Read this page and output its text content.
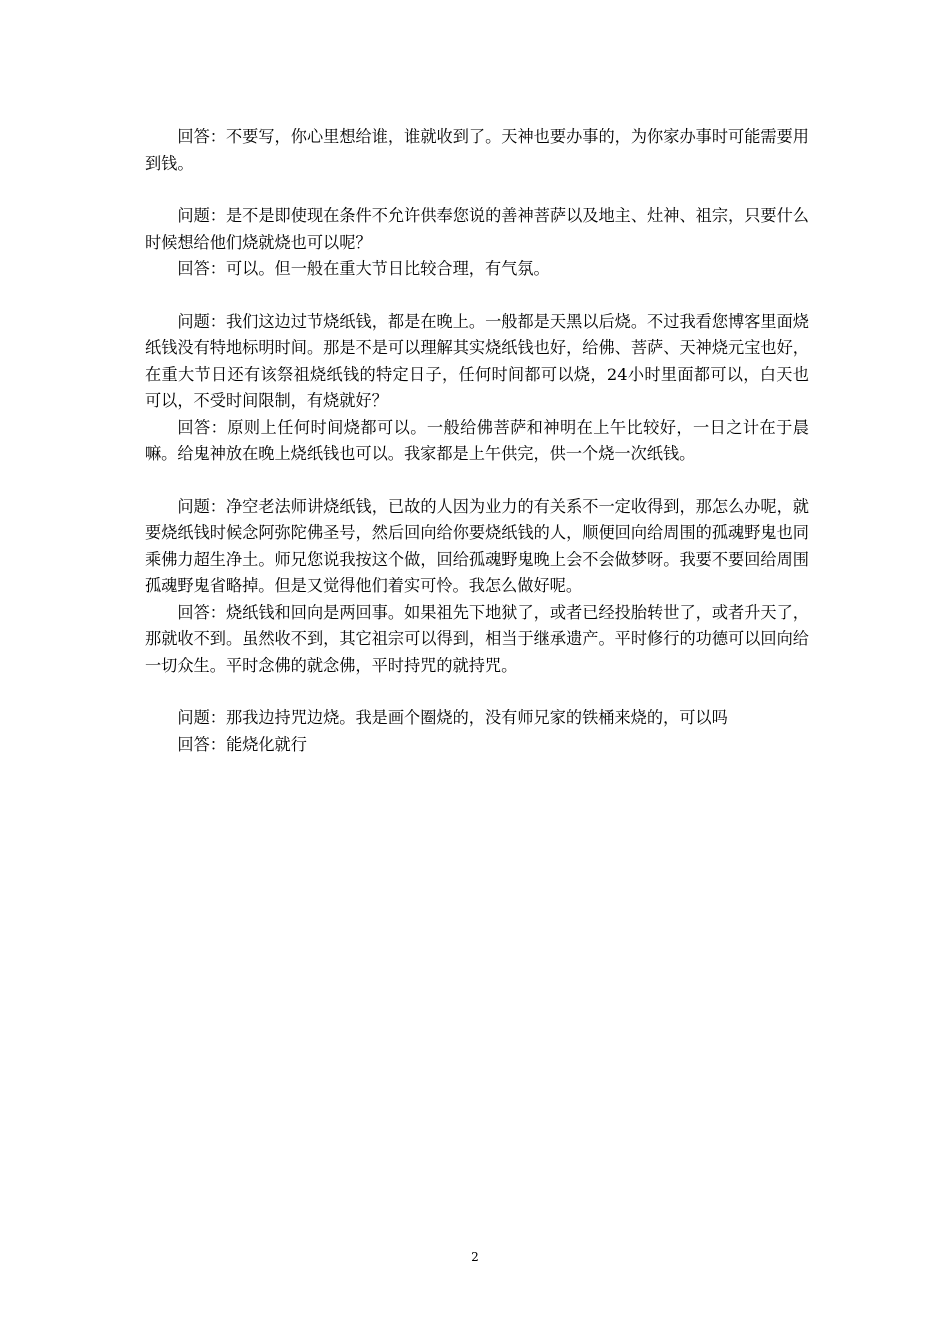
回答：不要写，你心里想给谁，谁就收到了。天神也要办事的，为你家办事时可能需要用到钱。

问题：是不是即使现在条件不允许供奉您说的善神菩萨以及地主、灶神、祖宗，只要什么时候想给他们烧就烧也可以呢？

回答：可以。但一般在重大节日比较合理，有气氛。

问题：我们这边过节烧纸钱，都是在晚上。一般都是天黑以后烧。不过我看您博客里面烧纸钱没有特地标明时间。那是不是可以理解其实烧纸钱也好，给佛、菩萨、天神烧元宝也好，在重大节日还有该祭祖烧纸钱的特定日子，任何时间都可以烧，24小时里面都可以，白天也可以，不受时间限制，有烧就好？

回答：原则上任何时间烧都可以。一般给佛菩萨和神明在上午比较好，一日之计在于晨嘛。给鬼神放在晚上烧纸钱也可以。我家都是上午供完，供一个烧一次纸钱。

问题：净空老法师讲烧纸钱，已故的人因为业力的有关系不一定收得到，那怎么办呢，就要烧纸钱时候念阿弥陀佛圣号，然后回向给你要烧纸钱的人，顺便回向给周围的孤魂野鬼也同乘佛力超生净土。师兄您说我按这个做，回给孤魂野鬼晚上会不会做梦呀。我要不要回给周围孤魂野鬼省略掉。但是又觉得他们着实可怜。我怎么做好呢。

回答：烧纸钱和回向是两回事。如果祖先下地狱了，或者已经投胎转世了，或者升天了，那就收不到。虽然收不到，其它祖宗可以得到，相当于继承遗产。平时修行的功德可以回向给一切众生。平时念佛的就念佛，平时持咒的就持咒。

问题：那我边持咒边烧。我是画个圈烧的，没有师兄家的铁桶来烧的，可以吗

回答：能烧化就行

2
